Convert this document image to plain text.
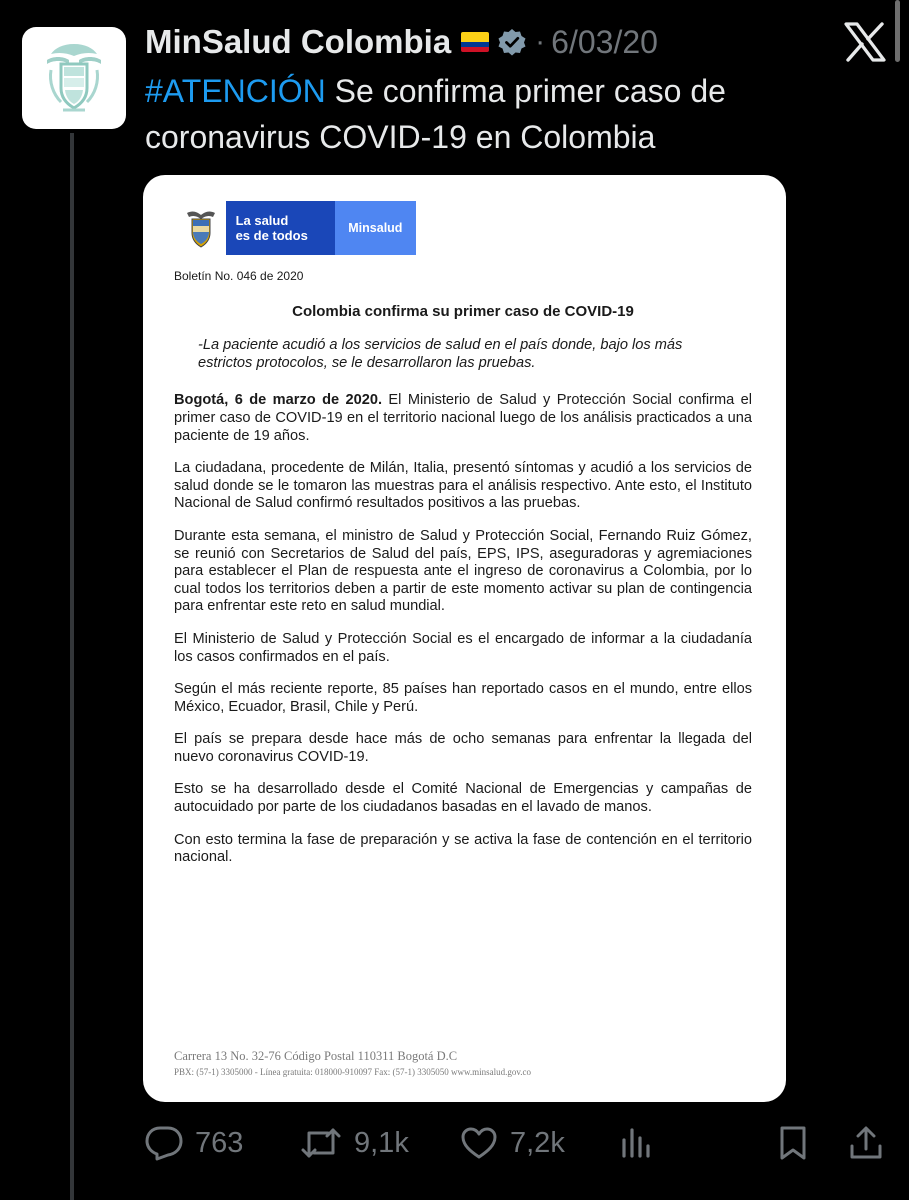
MinSalud Colombia	· 6/03/20
#ATENCIÓN Se confirma primer caso de coronavirus COVID-19 en Colombia
La salud
es de todos	Minsalud
Boletín No. 046 de 2020
Colombia confirma su primer caso de COVID-19
-La paciente acudió a los servicios de salud en el país donde, bajo los más estrictos protocolos, se le desarrollaron las pruebas.

Bogotá, 6 de marzo de 2020. El Ministerio de Salud y Protección Social confirma el primer caso de COVID-19 en el territorio nacional luego de los análisis practicados a una paciente de 19 años.

La ciudadana, procedente de Milán, Italia, presentó síntomas y acudió a los servicios de salud donde se le tomaron las muestras para el análisis respectivo. Ante esto, el Instituto Nacional de Salud confirmó resultados positivos a las pruebas.

Durante esta semana, el ministro de Salud y Protección Social, Fernando Ruiz Gómez, se reunió con Secretarios de Salud del país, EPS, IPS, aseguradoras y agremiaciones para establecer el Plan de respuesta ante el ingreso de coronavirus a Colombia, por lo cual todos los territorios deben a partir de este momento activar su plan de contingencia para enfrentar este reto en salud mundial.

El Ministerio de Salud y Protección Social es el encargado de informar a la ciudadanía los casos confirmados en el país.

Según el más reciente reporte, 85 países han reportado casos en el mundo, entre ellos México, Ecuador, Brasil, Chile y Perú.

El país se prepara desde hace más de ocho semanas para enfrentar la llegada del nuevo coronavirus COVID-19.

Esto se ha desarrollado desde el Comité Nacional de Emergencias y campañas de autocuidado por parte de los ciudadanos basadas en el lavado de manos.

Con esto termina la fase de preparación y se activa la fase de contención en el territorio nacional.

Carrera 13 No. 32-76 Código Postal 110311 Bogotá D.C
PBX: (57-1) 3305000 - Línea gratuita: 018000-910097 Fax: (57-1) 3305050 www.minsalud.gov.co
763	9,1k	7,2k
